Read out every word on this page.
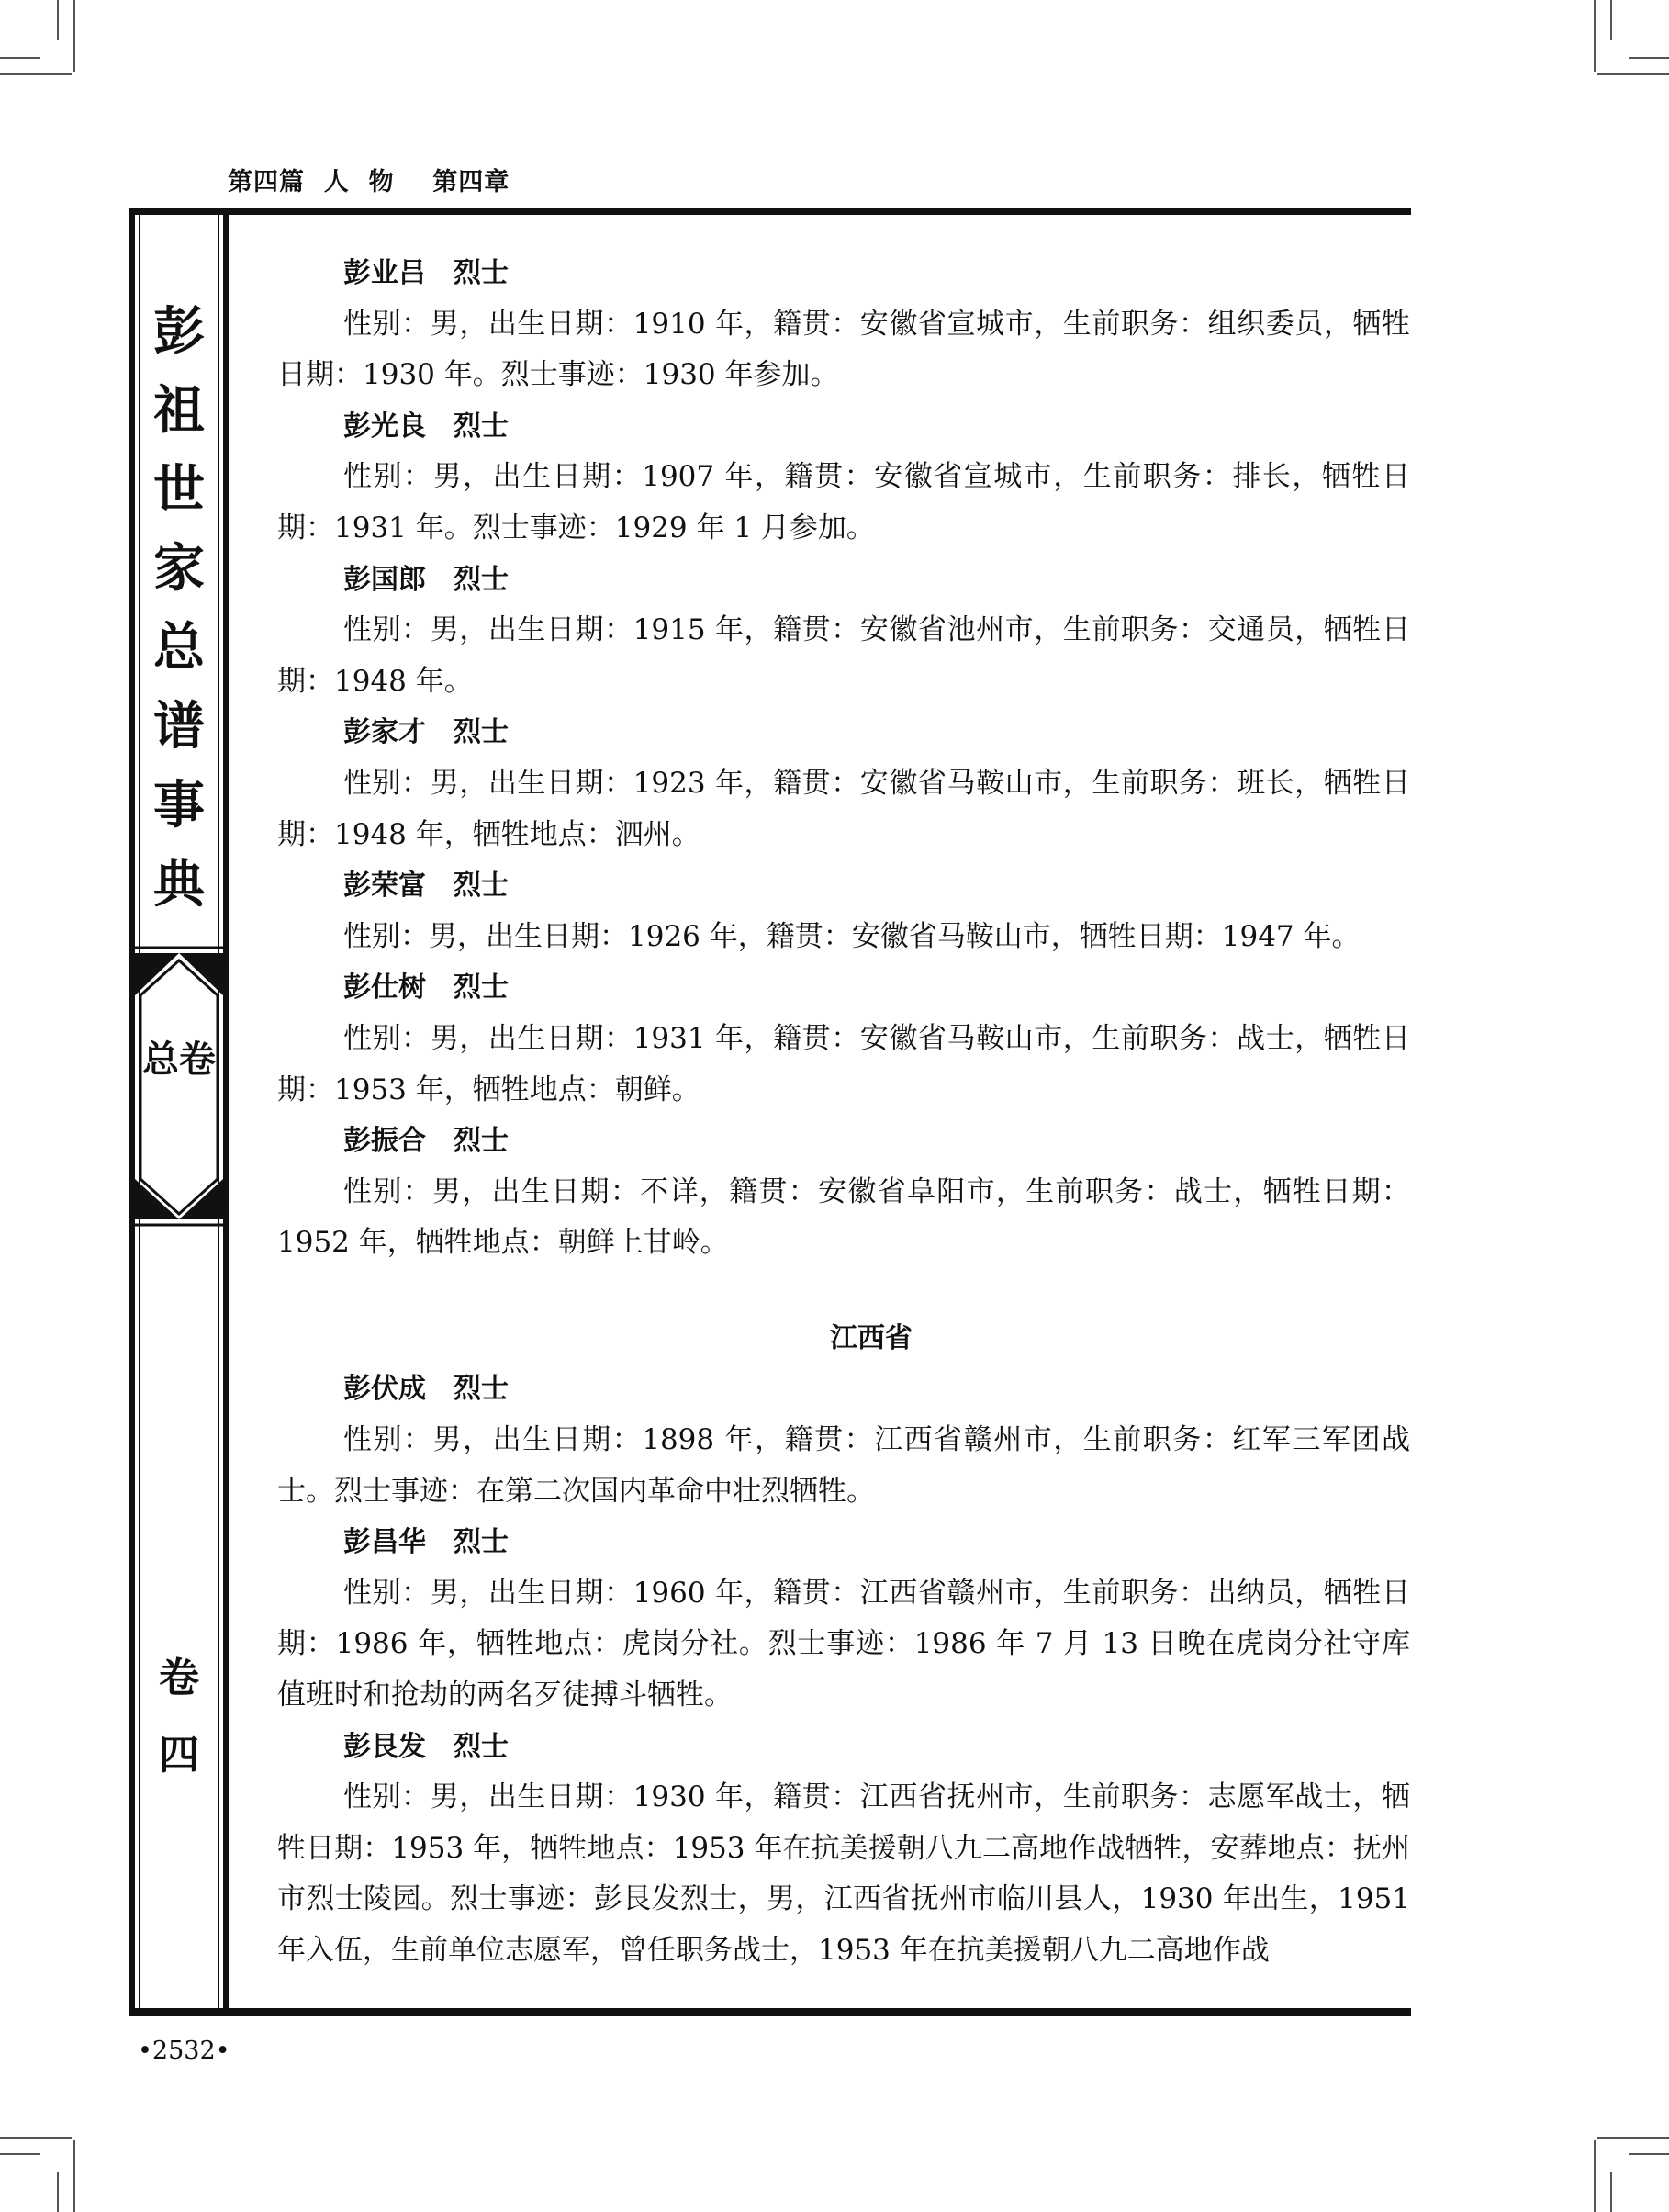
第四篇  人  物    第四章
彭祖世家总谱事典
总卷
卷四
彭业吕　烈士
性别：男，出生日期：1910 年，籍贯：安徽省宣城市，生前职务：组织委员，牺牲日期：1930 年。烈士事迹：1930 年参加。
彭光良　烈士
性别：男，出生日期：1907 年，籍贯：安徽省宣城市，生前职务：排长，牺牲日期：1931 年。烈士事迹：1929 年 1 月参加。
彭国郎　烈士
性别：男，出生日期：1915 年，籍贯：安徽省池州市，生前职务：交通员，牺牲日期：1948 年。
彭家才　烈士
性别：男，出生日期：1923 年，籍贯：安徽省马鞍山市，生前职务：班长，牺牲日期：1948 年，牺牲地点：泗州。
彭荣富　烈士
性别：男，出生日期：1926 年，籍贯：安徽省马鞍山市，牺牲日期：1947 年。
彭仕树　烈士
性别：男，出生日期：1931 年，籍贯：安徽省马鞍山市，生前职务：战士，牺牲日期：1953 年，牺牲地点：朝鲜。
彭振合　烈士
性别：男，出生日期：不详，籍贯：安徽省阜阳市，生前职务：战士，牺牲日期：1952 年，牺牲地点：朝鲜上甘岭。
江西省
彭伏成　烈士
性别：男，出生日期：1898 年，籍贯：江西省赣州市，生前职务：红军三军团战士。烈士事迹：在第二次国内革命中壮烈牺牲。
彭昌华　烈士
性别：男，出生日期：1960 年，籍贯：江西省赣州市，生前职务：出纳员，牺牲日期：1986 年，牺牲地点：虎岗分社。烈士事迹：1986 年 7 月 13 日晚在虎岗分社守库值班时和抢劫的两名歹徒搏斗牺牲。
彭艮发　烈士
性别：男，出生日期：1930 年，籍贯：江西省抚州市，生前职务：志愿军战士，牺牲日期：1953 年，牺牲地点：1953 年在抗美援朝八九二高地作战牺牲，安葬地点：抚州市烈士陵园。烈士事迹：彭艮发烈士，男，江西省抚州市临川县人，1930 年出生，1951 年入伍，生前单位志愿军，曾任职务战士，1953 年在抗美援朝八九二高地作战
•2532•
